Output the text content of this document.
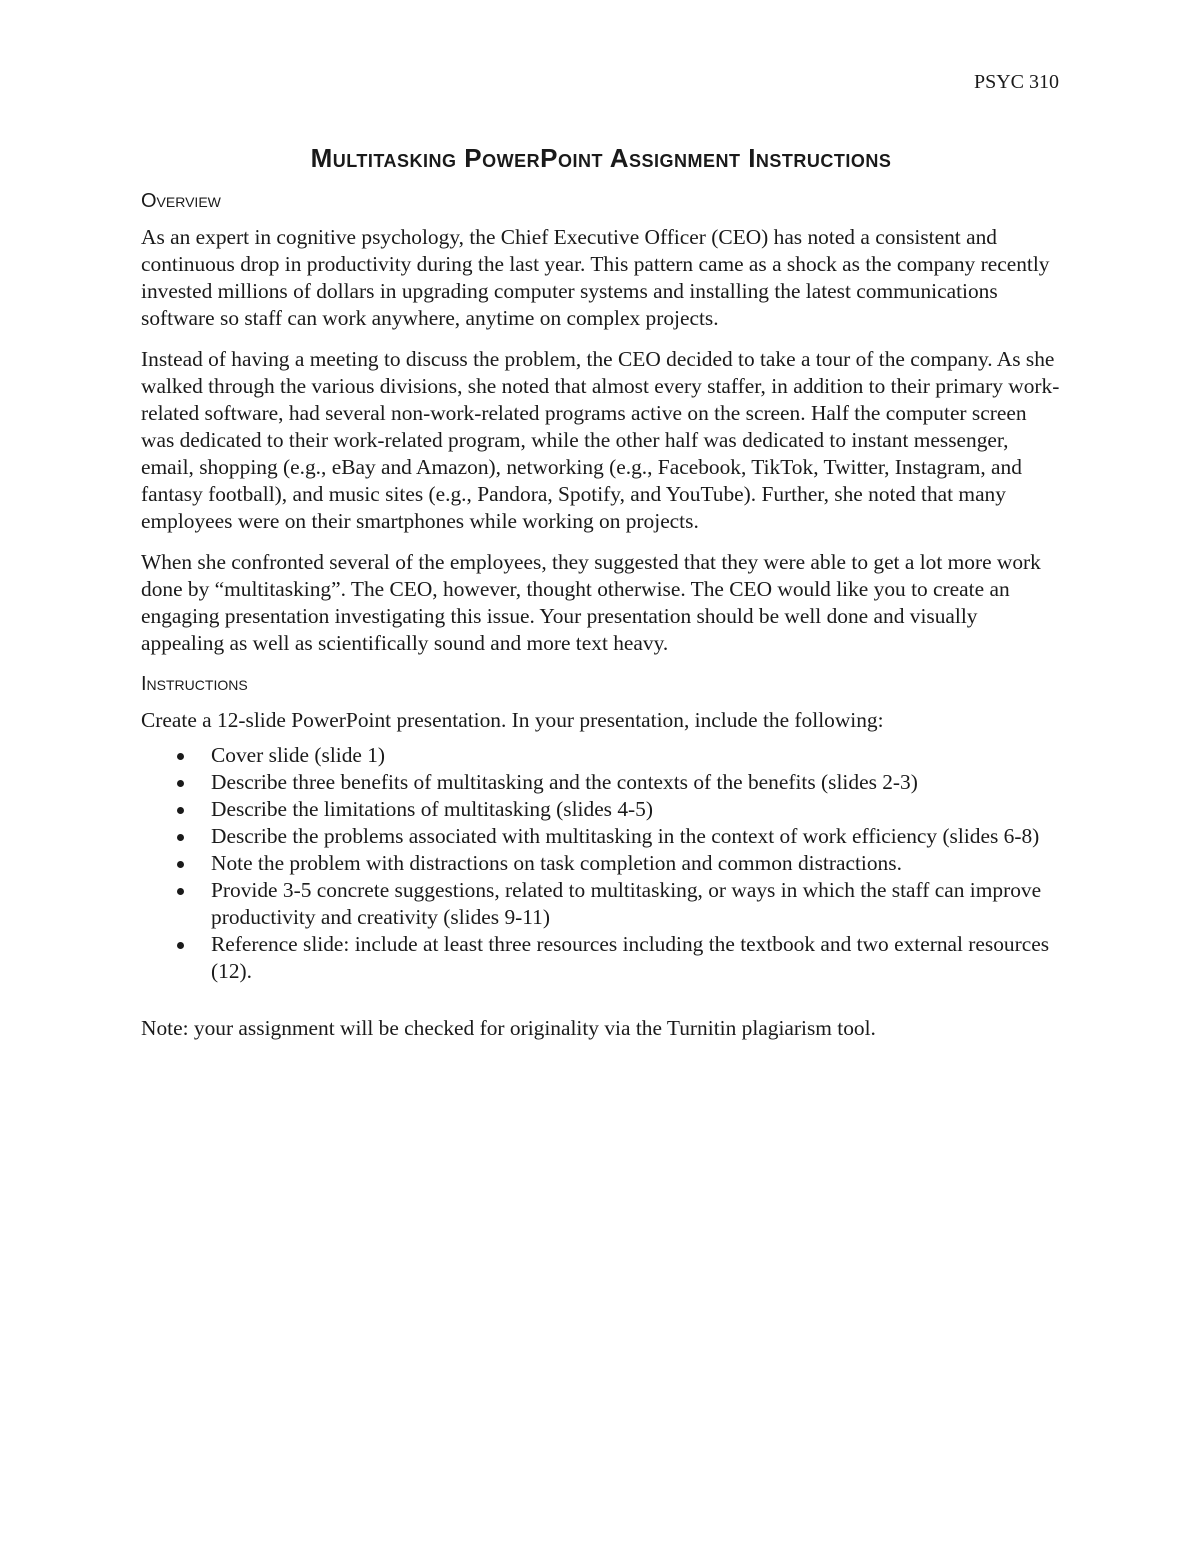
PSYC 310
Multitasking PowerPoint Assignment Instructions
Overview

As an expert in cognitive psychology, the Chief Executive Officer (CEO) has noted a consistent and continuous drop in productivity during the last year. This pattern came as a shock as the company recently invested millions of dollars in upgrading computer systems and installing the latest communications software so staff can work anywhere, anytime on complex projects.

Instead of having a meeting to discuss the problem, the CEO decided to take a tour of the company. As she walked through the various divisions, she noted that almost every staffer, in addition to their primary work-related software, had several non-work-related programs active on the screen. Half the computer screen was dedicated to their work-related program, while the other half was dedicated to instant messenger, email, shopping (e.g., eBay and Amazon), networking (e.g., Facebook, TikTok, Twitter, Instagram, and fantasy football), and music sites (e.g., Pandora, Spotify, and YouTube). Further, she noted that many employees were on their smartphones while working on projects.

When she confronted several of the employees, they suggested that they were able to get a lot more work done by “multitasking”. The CEO, however, thought otherwise. The CEO would like you to create an engaging presentation investigating this issue. Your presentation should be well done and visually appealing as well as scientifically sound and more text heavy.

Instructions

Create a 12-slide PowerPoint presentation. In your presentation, include the following:

Cover slide (slide 1)
Describe three benefits of multitasking and the contexts of the benefits (slides 2-3)
Describe the limitations of multitasking (slides 4-5)
Describe the problems associated with multitasking in the context of work efficiency (slides 6-8)
Note the problem with distractions on task completion and common distractions.
Provide 3-5 concrete suggestions, related to multitasking, or ways in which the staff can improve productivity and creativity (slides 9-11)
Reference slide: include at least three resources including the textbook and two external resources (12).

Note: your assignment will be checked for originality via the Turnitin plagiarism tool.
